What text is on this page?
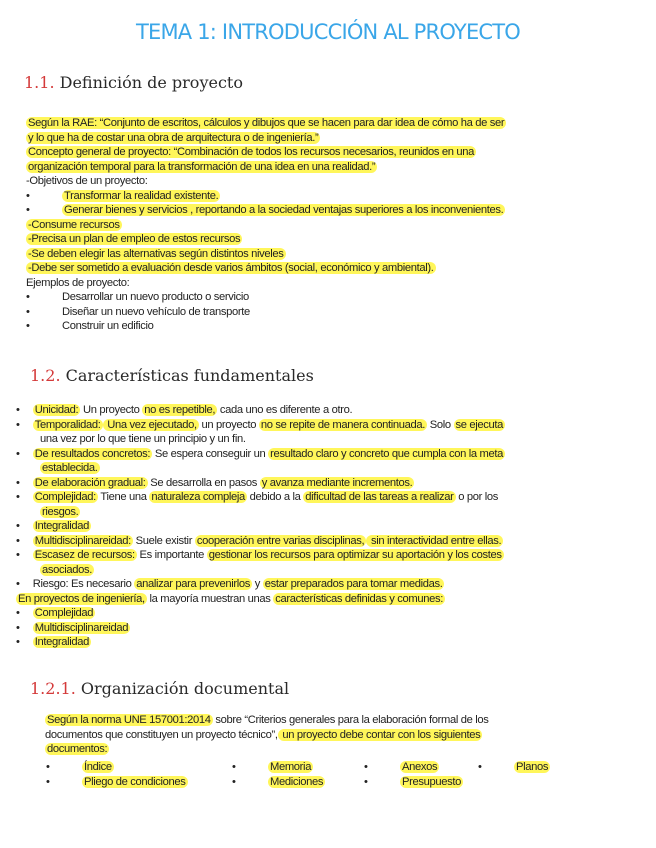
TEMA 1: INTRODUCCIÓN AL PROYECTO
1.1. Definición de proyecto
Según la RAE: “Conjunto de escritos, cálculos y dibujos que se hacen para dar idea de cómo ha de ser
y lo que ha de costar una obra de arquitectura o de ingeniería.”
Concepto general de proyecto: “Combinación de todos los recursos necesarios, reunidos en una
organización temporal para la transformación de una idea en una realidad.”
-Objetivos de un proyecto:
•	Transformar la realidad existente.
•	Generar bienes y servicios , reportando a la sociedad ventajas superiores a los inconvenientes.
-Consume recursos
-Precisa un plan de empleo de estos recursos
-Se deben elegir las alternativas según distintos niveles
-Debe ser sometido a evaluación desde varios ámbitos (social, económico y ambiental).
Ejemplos de proyecto:
•	Desarrollar un nuevo producto o servicio
•	Diseñar un nuevo vehículo de transporte
•	Construir un edificio
1.2. Características fundamentales
• Unicidad: Un proyecto no es repetible, cada uno es diferente a otro.
• Temporalidad: Una vez ejecutado, un proyecto no se repite de manera continuada. Solo se ejecuta
una vez por lo que tiene un principio y un fin.
• De resultados concretos: Se espera conseguir un resultado claro y concreto que cumpla con la meta
establecida.
• De elaboración gradual: Se desarrolla en pasos y avanza mediante incrementos.
• Complejidad: Tiene una naturaleza compleja debido a la dificultad de las tareas a realizar o por los
riesgos.
• Integralidad
• Multidisciplinareidad: Suele existir cooperación entre varias disciplinas, sin interactividad entre ellas.
• Escasez de recursos: Es importante gestionar los recursos para optimizar su aportación y los costes
asociados.
• Riesgo: Es necesario analizar para prevenirlos y estar preparados para tomar medidas.
En proyectos de ingeniería, la mayoría muestran unas características definidas y comunes:
• Complejidad
• Multidisciplinareidad
• Integralidad
1.2.1. Organización documental
Según la norma UNE 157001:2014 sobre “Criterios generales para la elaboración formal de los
documentos que constituyen un proyecto técnico”, un proyecto debe contar con los siguientes
documentos:
•	Índice	•	Memoria	•	Anexos	•	Planos
•	Pliego de condiciones	•	Mediciones	•	Presupuesto
